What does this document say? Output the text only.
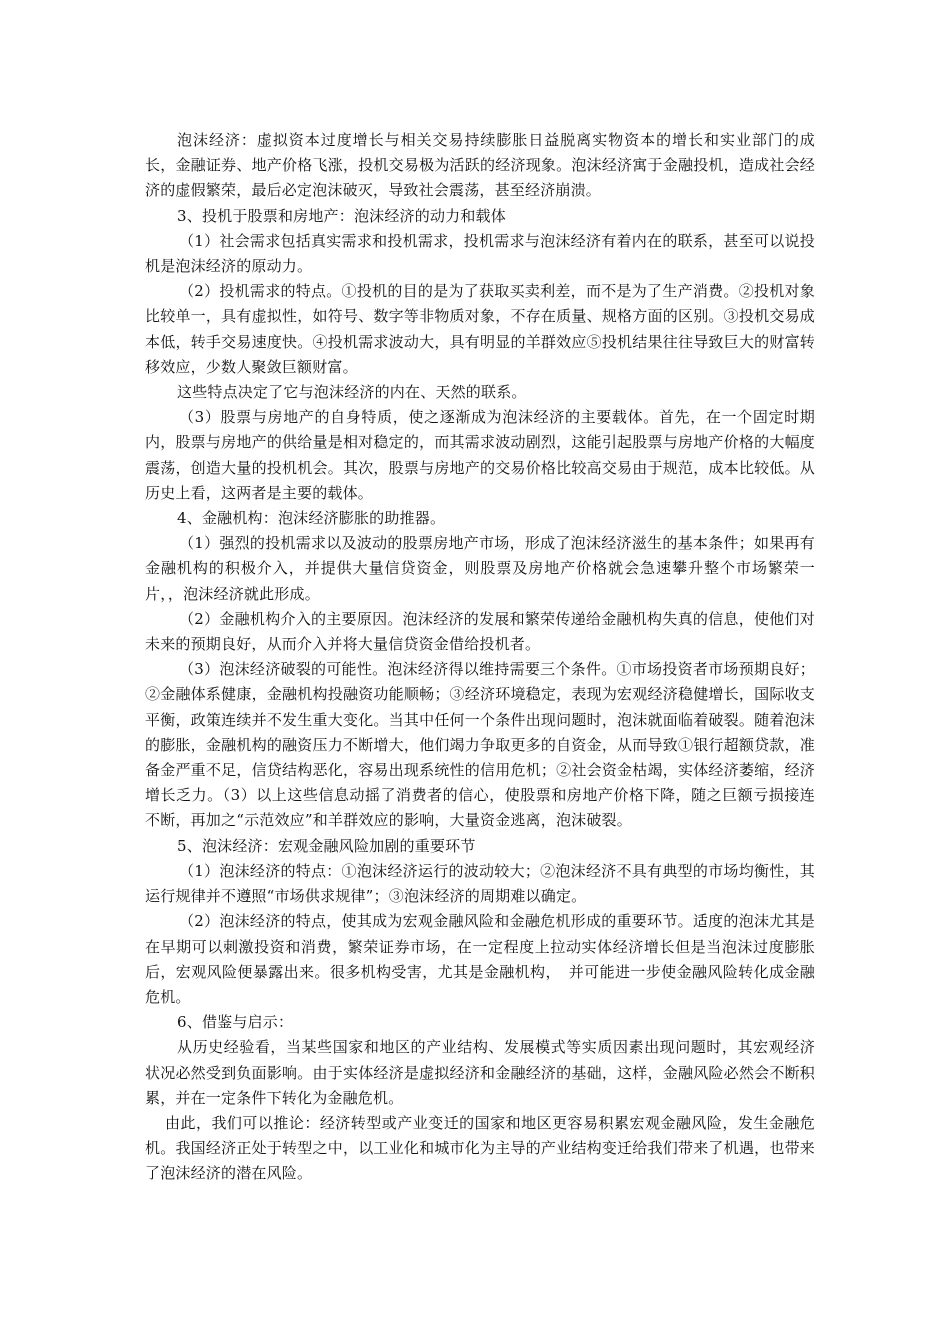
泡沫经济：虚拟资本过度增长与相关交易持续膨胀日益脱离实物资本的增长和实业部门的成长，金融证券、地产价格飞涨，投机交易极为活跃的经济现象。泡沫经济寓于金融投机，造成社会经济的虚假繁荣，最后必定泡沫破灭，导致社会震荡，甚至经济崩溃。

3、投机于股票和房地产：泡沫经济的动力和载体

（1）社会需求包括真实需求和投机需求，投机需求与泡沫经济有着内在的联系，甚至可以说投机是泡沫经济的原动力。

（2）投机需求的特点。①投机的目的是为了获取买卖利差，而不是为了生产消费。②投机对象比较单一，具有虚拟性，如符号、数字等非物质对象，不存在质量、规格方面的区别。③投机交易成本低，转手交易速度快。④投机需求波动大，具有明显的羊群效应⑤投机结果往往导致巨大的财富转移效应，少数人聚敛巨额财富。

这些特点决定了它与泡沫经济的内在、天然的联系。

（3）股票与房地产的自身特质，使之逐渐成为泡沫经济的主要载体。首先，在一个固定时期内，股票与房地产的供给量是相对稳定的，而其需求波动剧烈，这能引起股票与房地产价格的大幅度震荡，创造大量的投机机会。其次，股票与房地产的交易价格比较高交易由于规范，成本比较低。从历史上看，这两者是主要的载体。

4、金融机构：泡沫经济膨胀的助推器。

（1）强烈的投机需求以及波动的股票房地产市场，形成了泡沫经济滋生的基本条件；如果再有金融机构的积极介入，并提供大量信贷资金，则股票及房地产价格就会急速攀升整个市场繁荣一片，，泡沫经济就此形成。

（2）金融机构介入的主要原因。泡沫经济的发展和繁荣传递给金融机构失真的信息，使他们对未来的预期良好，从而介入并将大量信贷资金借给投机者。

（3）泡沫经济破裂的可能性。泡沫经济得以维持需要三个条件。①市场投资者市场预期良好；②金融体系健康，金融机构投融资功能顺畅；③经济环境稳定，表现为宏观经济稳健增长，国际收支平衡，政策连续并不发生重大变化。当其中任何一个条件出现问题时，泡沫就面临着破裂。随着泡沫的膨胀，金融机构的融资压力不断增大，他们竭力争取更多的自资金，从而导致①银行超额贷款，准备金严重不足，信贷结构恶化，容易出现系统性的信用危机；②社会资金枯竭，实体经济萎缩，经济增长乏力。（3）以上这些信息动摇了消费者的信心，使股票和房地产价格下降，随之巨额亏损接连不断，再加之“示范效应”和羊群效应的影响，大量资金逃离，泡沫破裂。

5、泡沫经济：宏观金融风险加剧的重要环节

（1）泡沫经济的特点：①泡沫经济运行的波动较大；②泡沫经济不具有典型的市场均衡性，其运行规律并不遵照“市场供求规律”；③泡沫经济的周期难以确定。

（2）泡沫经济的特点，使其成为宏观金融风险和金融危机形成的重要环节。适度的泡沫尤其是在早期可以刺激投资和消费，繁荣证券市场，在一定程度上拉动实体经济增长但是当泡沫过度膨胀后，宏观风险便暴露出来。很多机构受害，尤其是金融机构，　并可能进一步使金融风险转化成金融危机。

6、借鉴与启示：

从历史经验看，当某些国家和地区的产业结构、发展模式等实质因素出现问题时，其宏观经济状况必然受到负面影响。由于实体经济是虚拟经济和金融经济的基础，这样，金融风险必然会不断积累，并在一定条件下转化为金融危机。

由此，我们可以推论：经济转型或产业变迁的国家和地区更容易积累宏观金融风险，发生金融危机。我国经济正处于转型之中，以工业化和城市化为主导的产业结构变迁给我们带来了机遇，也带来了泡沫经济的潜在风险。
